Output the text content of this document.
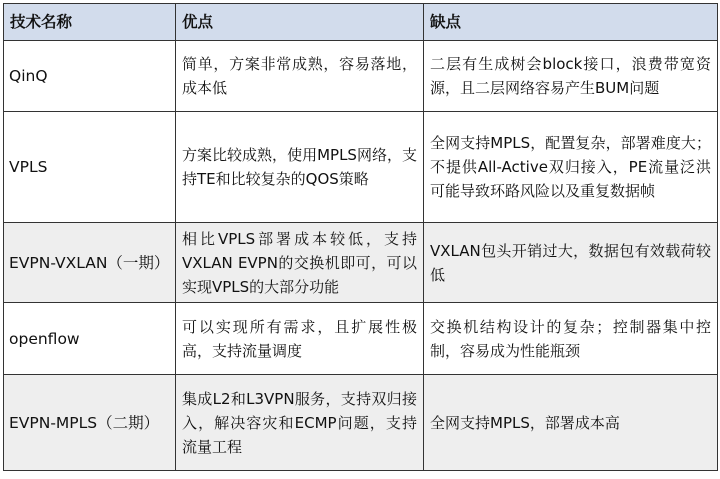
技术名称	优点	缺点
QinQ	简单，方案非常成熟，容易落地，成本低	二层有生成树会block接口，浪费带宽资源，且二层网络容易产生BUM问题
VPLS	方案比较成熟，使用MPLS网络，支持TE和比较复杂的QOS策略	全网支持MPLS，配置复杂，部署难度大；不提供All-Active双归接入，PE流量泛洪可能导致环路风险以及重复数据帧
EVPN-VXLAN（一期）	相比VPLS部署成本较低，支持VXLAN EVPN的交换机即可，可以实现VPLS的大部分功能	VXLAN包头开销过大，数据包有效载荷较低
openflow	可以实现所有需求，且扩展性极高，支持流量调度	交换机结构设计的复杂；控制器集中控制，容易成为性能瓶颈
EVPN-MPLS（二期）	集成L2和L3VPN服务，支持双归接入，解决容灾和ECMP问题，支持流量工程	全网支持MPLS，部署成本高
